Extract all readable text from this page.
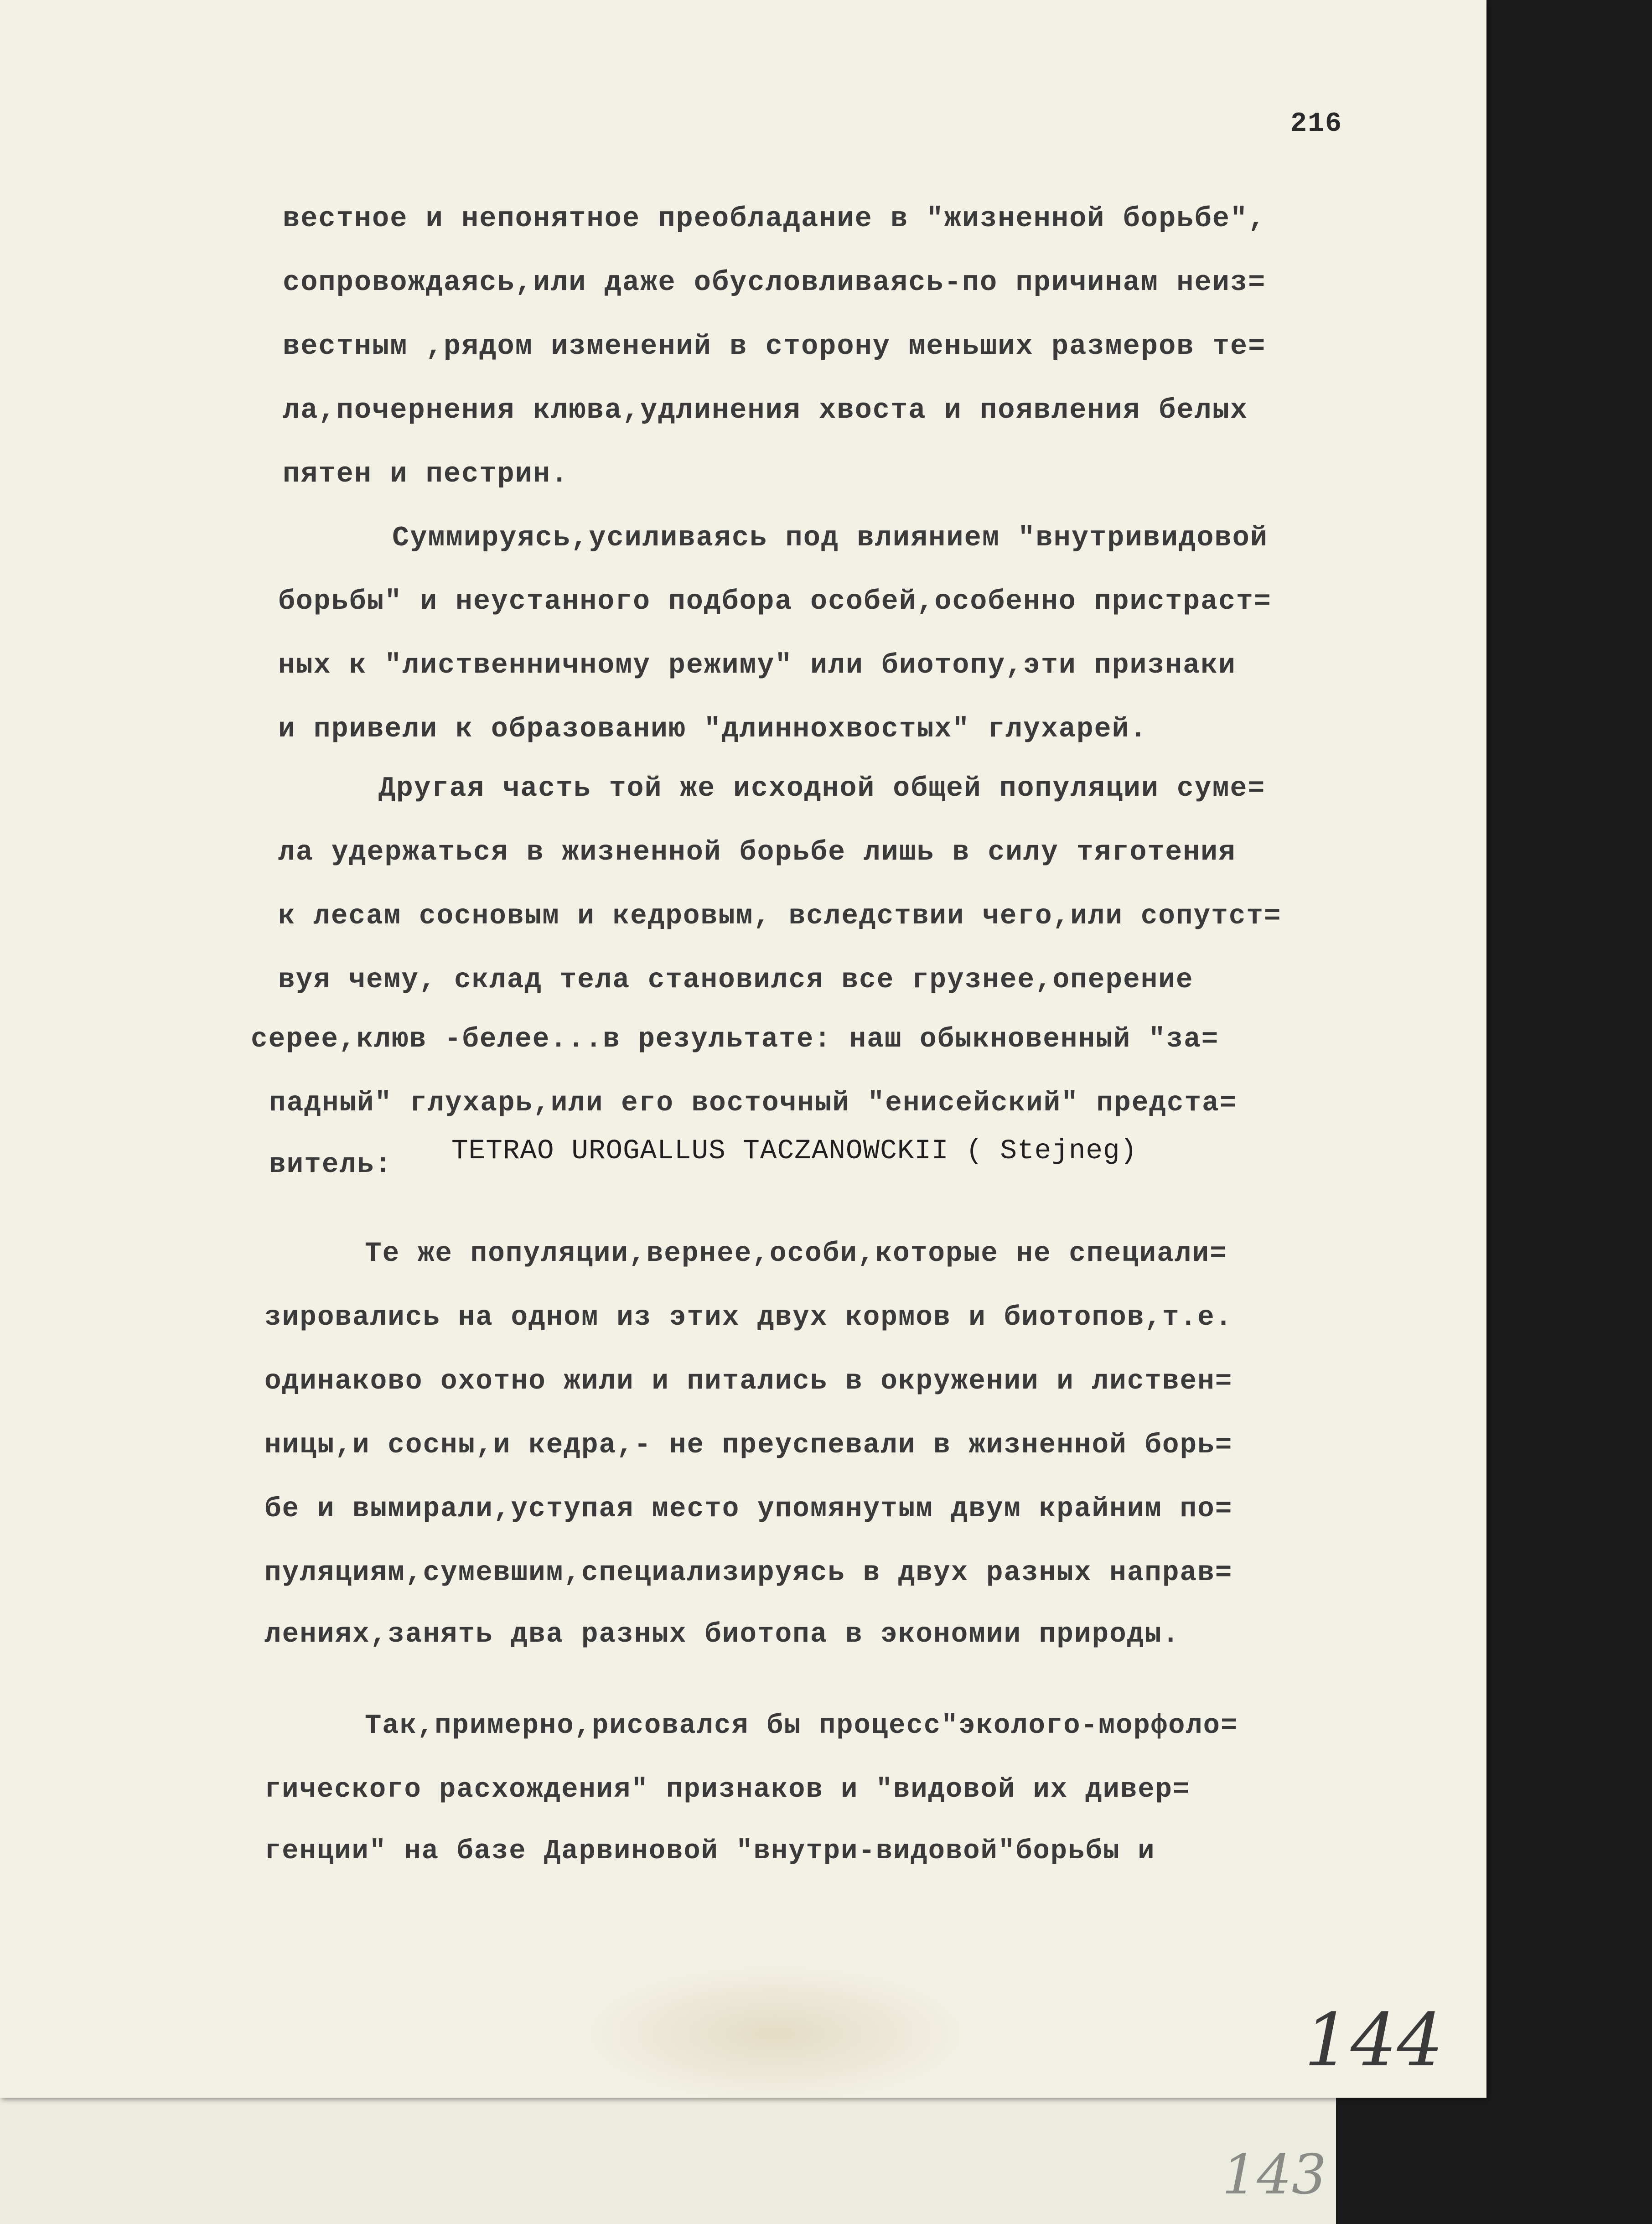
216

вестное и непонятное преобладание в "жизненной борьбе",

сопровождаясь,или даже обусловливаясь-по причинам неиз=

вестным ,рядом изменений в сторону меньших размеров те=

ла,почернения клюва,удлинения хвоста и появления белых

пятен и пестрин.

Суммируясь,усиливаясь под влиянием "внутривидовой

борьбы" и неустанного подбора особей,особенно пристраст=

ных к "лиственничному режиму" или биотопу,эти признаки

и привели к образованию "длиннохвостых" глухарей.

Другая часть той же исходной общей популяции суме=

ла удержаться в жизненной борьбе лишь в силу тяготения

к лесам сосновым и кедровым, вследствии чего,или сопутст=

вуя чему, склад тела становился все грузнее,оперение

серее,клюв -белее...в результате: наш обыкновенный "за=

падный" глухарь,или его восточный "енисейский" предста=

витель: TETRAO UROGALLUS TACZANOWCKII ( Stejneg)

Те же популяции,вернее,особи,которые не специали=

зировались на одном из этих двух кормов и биотопов,т.е.

одинаково охотно жили и питались в окружении и листвен=

ницы,и сосны,и кедра,- не преуспевали в жизненной борь=

бе и вымирали,уступая место упомянутым двум крайним по=

пуляциям,сумевшим,специализируясь в двух разных направ=

лениях,занять два разных биотопа в экономии природы.

Так,примерно,рисовался бы процесс"эколого-морфоло=

гического расхождения" признаков и "видовой их дивер=

генции" на базе Дарвиновой "внутри-видовой"борьбы и

144

143
